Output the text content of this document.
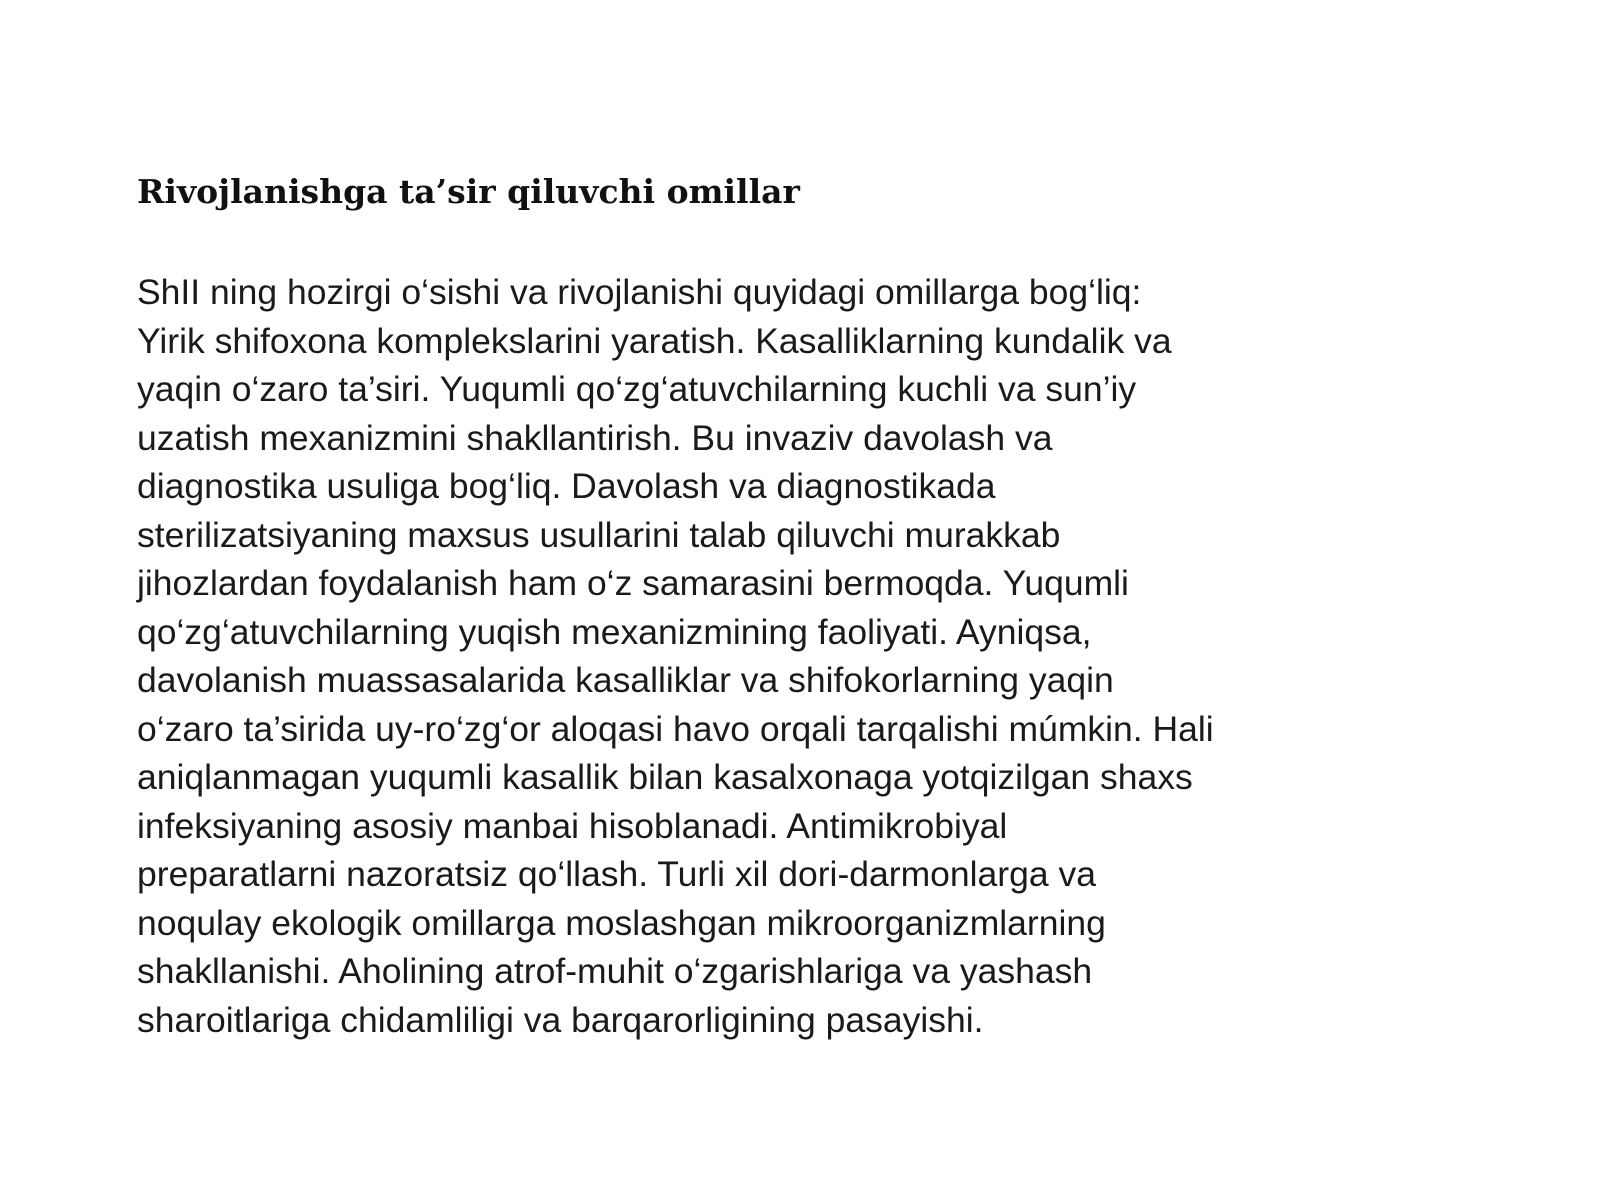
Rivojlanishga ta’sir qiluvchi omillar

ShII ning hozirgi o‘sishi va rivojlanishi quyidagi omillarga bog‘liq:
Yirik shifoxona komplekslarini yaratish. Kasalliklarning kundalik va
yaqin o‘zaro ta’siri. Yuqumli qo‘zg‘atuvchilarning kuchli va sun’iy
uzatish mexanizmini shakllantirish. Bu invaziv davolash va
diagnostika usuliga bog‘liq. Davolash va diagnostikada
sterilizatsiyaning maxsus usullarini talab qiluvchi murakkab
jihozlardan foydalanish ham o‘z samarasini bermoqda. Yuqumli
qo‘zg‘atuvchilarning yuqish mexanizmining faoliyati. Ayniqsa,
davolanish muassasalarida kasalliklar va shifokorlarning yaqin
o‘zaro ta’sirida uy-ro‘zg‘or aloqasi havo orqali tarqalishi múmkin. Hali
aniqlanmagan yuqumli kasallik bilan kasalxonaga yotqizilgan shaxs
infeksiyaning asosiy manbai hisoblanadi. Antimikrobiyal
preparatlarni nazoratsiz qo‘llash. Turli xil dori-darmonlarga va
noqulay ekologik omillarga moslashgan mikroorganizmlarning
shakllanishi. Aholining atrof-muhit o‘zgarishlariga va yashash
sharoitlariga chidamliligi va barqarorligining pasayishi.
